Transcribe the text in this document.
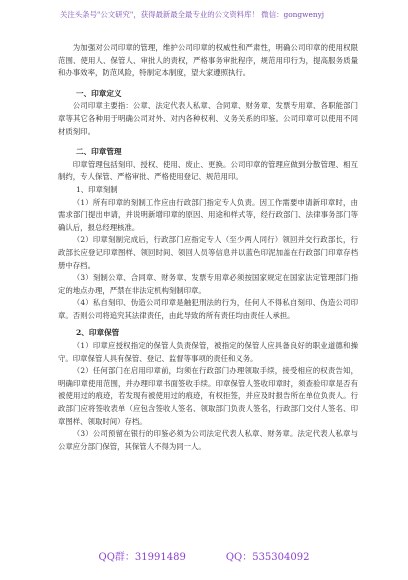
关注头条号"公文研究"，获得最新最全最专业的公文资料库！ 微信：gongwenyj

为加强对公司印章的管理，维护公司印章的权威性和严肃性，明确公司印章的使用权限范围、使用人、保管人、审批人的责权，严格事务审批程序，规范用印行为，提高服务质量和办事效率，防范风险，特制定本制度，望大家遵照执行。

一、印章定义

公司印章主要指：公章、法定代表人私章、合同章、财务章、发票专用章、各职能部门章等其它各种用于明确公司对外、对内各种权利、义务关系的印鉴。公司印章可以使用不同材质刻印。

二、印章管理

印章管理包括刻印、授权、使用、废止、更换。公司印章的管理应做到分散管理、相互制约，专人保管、严格审批、严格使用登记、规范用印。

1、印章刻制

（1）所有印章的刻制工作应由行政部门指定专人负责。因工作需要申请新印章时，由需求部门提出申请，并说明新增印章的原因、用途和样式等，经行政部门、法律事务部门等确认后，报总经理核准。

（2）印章刻制完成后，行政部门应指定专人（至少两人同行）领回并交行政部长，行政部长应登记印章图样、领回时间、领回人员等信息并以蓝色印泥加盖在行政部门印章存档册中存档。

（3）刻制公章、合同章、财务章、发票专用章必须按国家规定在国家法定管理部门指定的地点办理，严禁在非法定机构刻制印章。

（4）私自刻印、伪造公司印章是触犯刑法的行为，任何人不得私自刻印、伪造公司印章。否则公司将追究其法律责任，由此导致的所有责任均由责任人承担。

2、印章保管

（1）印章应授权指定的保管人负责保管，被指定的保管人应具备良好的职业道德和操守。印章保管人具有保管、登记、监督等事项的责任和义务。

（2）任何部门在启用印章前，均须在行政部门办理领取手续，接受相应的权责告知，明确印章使用范围，并办理印章书面签收手续。印章保管人签收印章时，须查验印章是否有被使用过的痕迹，若发现有被使用过的痕迹，有权拒签，并应及时报告所在单位负责人。行政部门应将签收表单（应包含签收人签名、领取部门负责人签名，行政部门交付人签名、印章图样、领取时间）存档。

（3）公司预留在银行的印鉴必须为公司法定代表人私章、财务章。法定代表人私章与公章应分部门保管，其保管人不得为同一人。

QQ群：31991489	QQ：535304092
